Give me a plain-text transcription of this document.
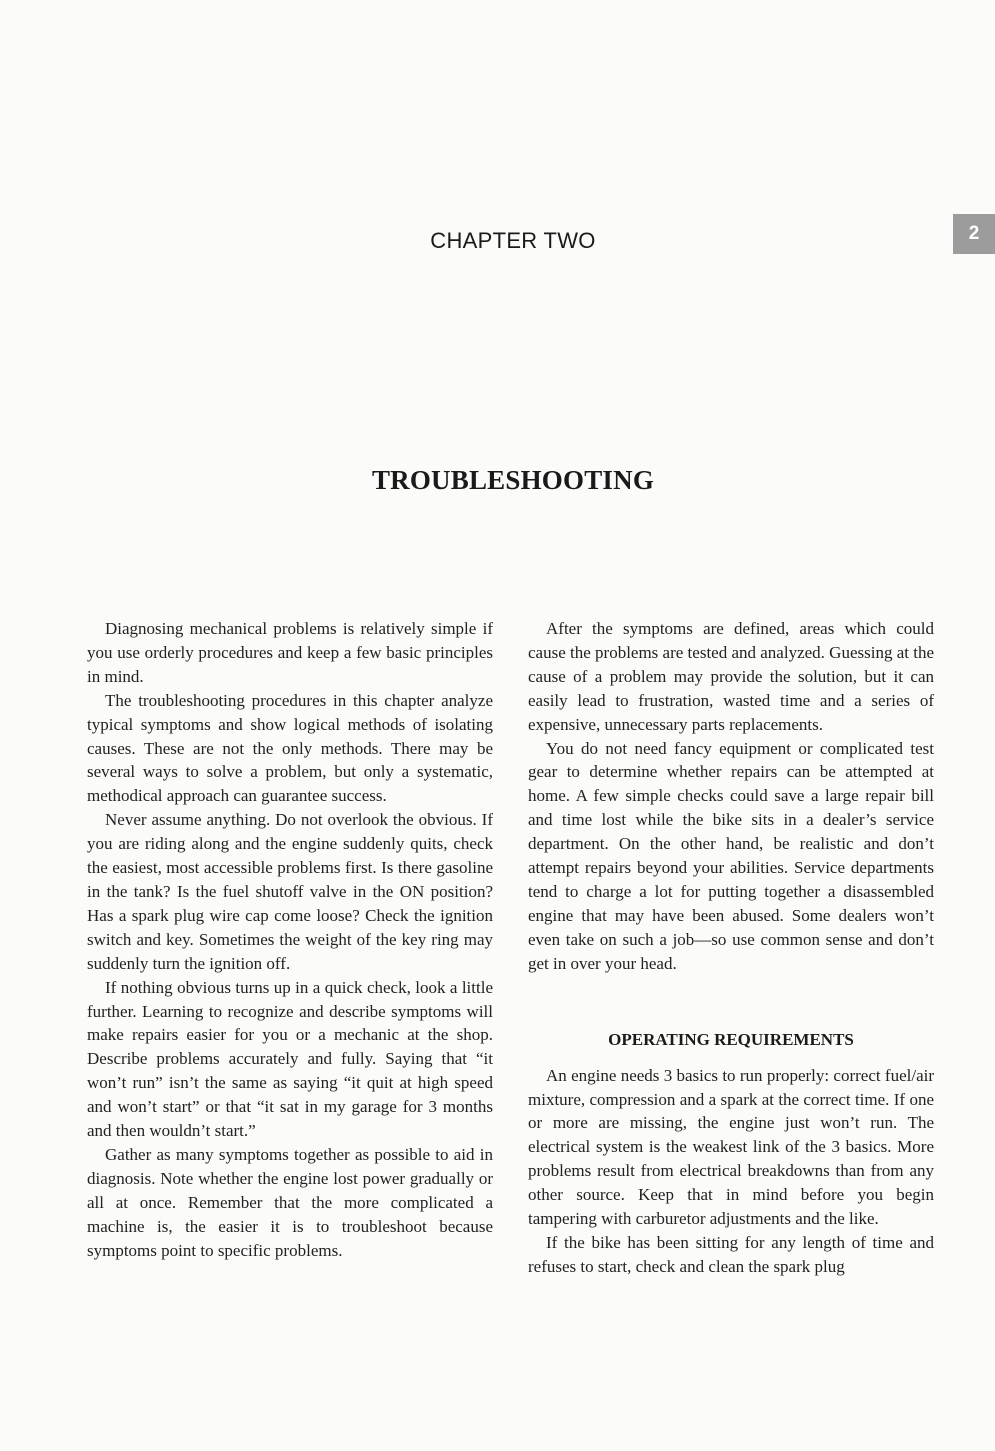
CHAPTER TWO	2
TROUBLESHOOTING

Diagnosing mechanical problems is relatively simple if you use orderly procedures and keep a few basic principles in mind.

The troubleshooting procedures in this chapter analyze typical symptoms and show logical methods of isolating causes. These are not the only methods. There may be several ways to solve a problem, but only a systematic, methodical approach can guarantee success.

Never assume anything. Do not overlook the obvious. If you are riding along and the engine suddenly quits, check the easiest, most accessible problems first. Is there gasoline in the tank? Is the fuel shutoff valve in the ON position? Has a spark plug wire cap come loose? Check the ignition switch and key. Sometimes the weight of the key ring may suddenly turn the ignition off.

If nothing obvious turns up in a quick check, look a little further. Learning to recognize and describe symptoms will make repairs easier for you or a mechanic at the shop. Describe problems accurately and fully. Saying that “it won’t run” isn’t the same as saying “it quit at high speed and won’t start” or that “it sat in my garage for 3 months and then wouldn’t start.”

Gather as many symptoms together as possible to aid in diagnosis. Note whether the engine lost power gradually or all at once. Remember that the more complicated a machine is, the easier it is to troubleshoot because symptoms point to specific problems.

After the symptoms are defined, areas which could cause the problems are tested and analyzed. Guessing at the cause of a problem may provide the solution, but it can easily lead to frustration, wasted time and a series of expensive, unnecessary parts replacements.

You do not need fancy equipment or complicated test gear to determine whether repairs can be attempted at home. A few simple checks could save a large repair bill and time lost while the bike sits in a dealer’s service department. On the other hand, be realistic and don’t attempt repairs beyond your abilities. Service departments tend to charge a lot for putting together a disassembled engine that may have been abused. Some dealers won’t even take on such a job—so use common sense and don’t get in over your head.

OPERATING REQUIREMENTS

An engine needs 3 basics to run properly: correct fuel/air mixture, compression and a spark at the correct time. If one or more are missing, the engine just won’t run. The electrical system is the weakest link of the 3 basics. More problems result from electrical breakdowns than from any other source. Keep that in mind before you begin tampering with carburetor adjustments and the like.

If the bike has been sitting for any length of time and refuses to start, check and clean the spark plug
